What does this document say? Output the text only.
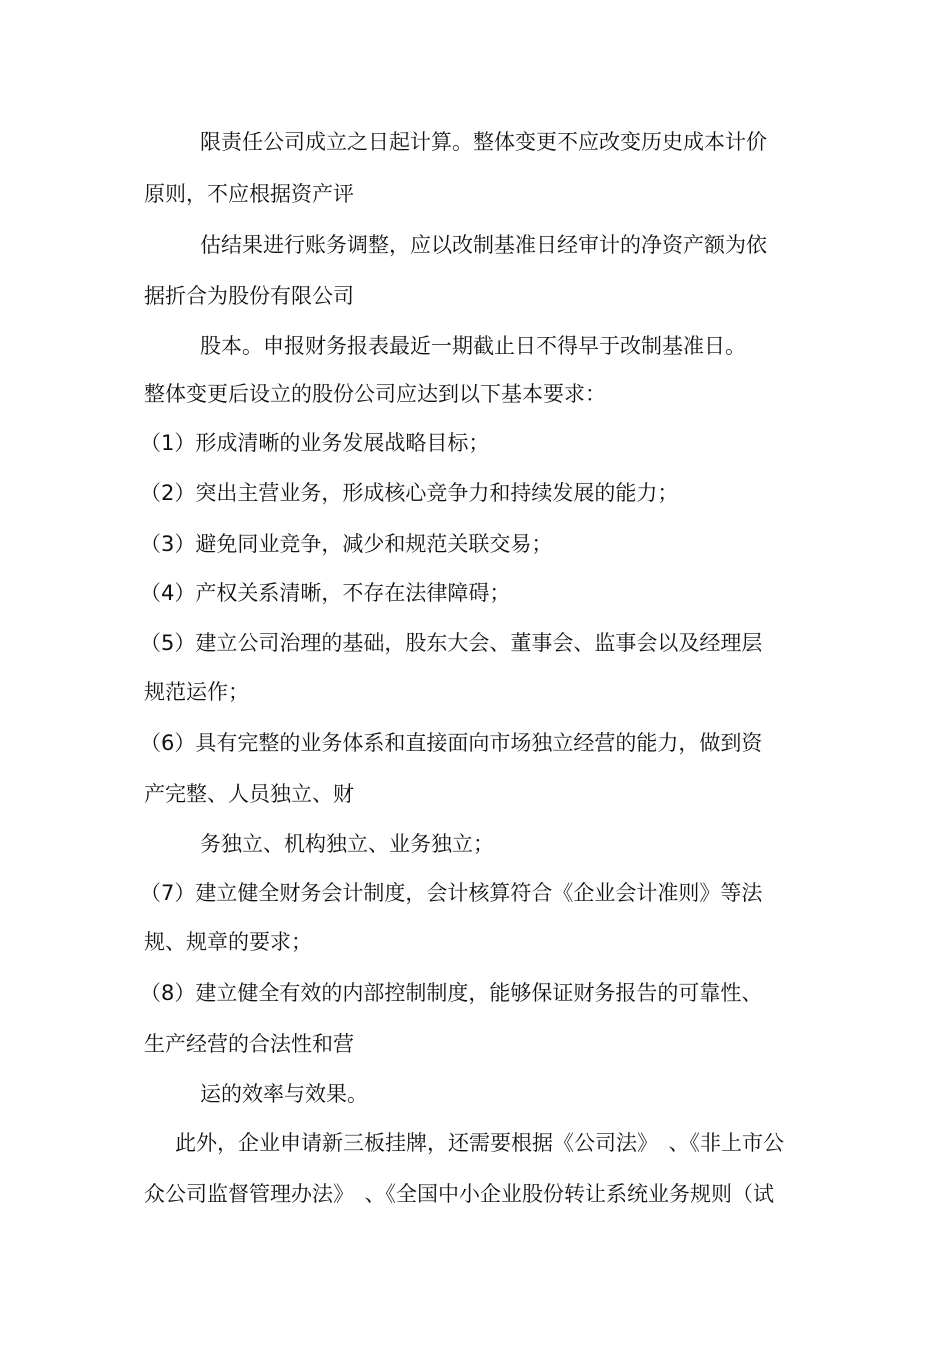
限责任公司成立之日起计算。整体变更不应改变历史成本计价

原则，不应根据资产评

估结果进行账务调整，应以改制基准日经审计的净资产额为依

据折合为股份有限公司

股本。申报财务报表最近一期截止日不得早于改制基准日。

整体变更后设立的股份公司应达到以下基本要求：

（1）形成清晰的业务发展战略目标；

（2）突出主营业务，形成核心竞争力和持续发展的能力；

（3）避免同业竞争，减少和规范关联交易；

（4）产权关系清晰，不存在法律障碍；

（5）建立公司治理的基础，股东大会、董事会、监事会以及经理层

规范运作；

（6）具有完整的业务体系和直接面向市场独立经营的能力，做到资

产完整、人员独立、财

务独立、机构独立、业务独立；

（7）建立健全财务会计制度，会计核算符合《企业会计准则》等法

规、规章的要求；

（8）建立健全有效的内部控制制度，能够保证财务报告的可靠性、

生产经营的合法性和营

运的效率与效果。

此外，企业申请新三板挂牌，还需要根据《公司法》　、《非上市公

众公司监督管理办法》　、《全国中小企业股份转让系统业务规则（试
